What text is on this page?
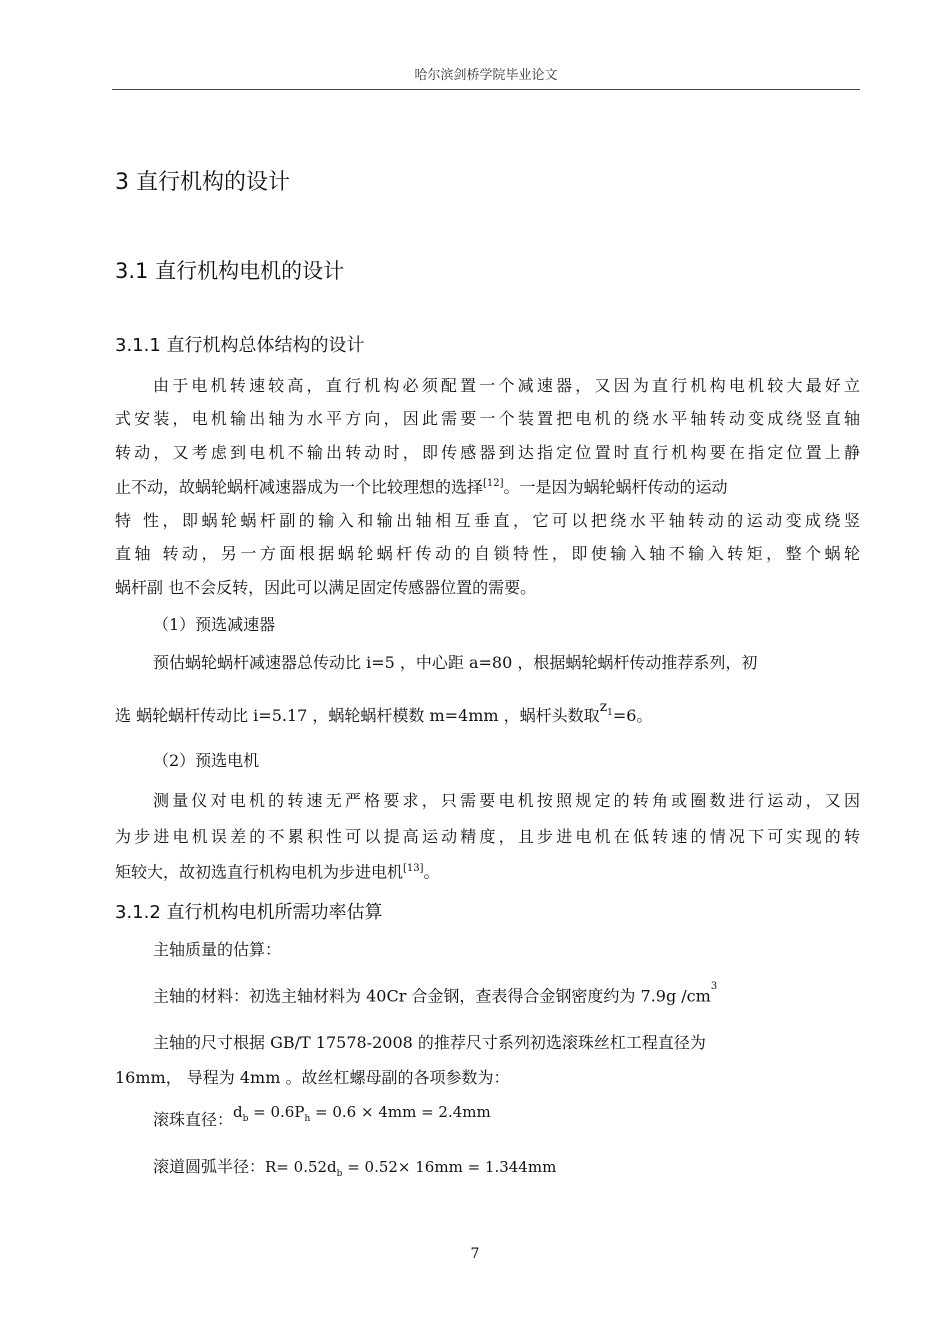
哈尔滨剑桥学院毕业论文
3 直行机构的设计
3.1 直行机构电机的设计
3.1.1 直行机构总体结构的设计
由于电机转速较高，直行机构必须配置一个减速器，又因为直行机构电机较大最好立
式安装，电机输出轴为水平方向，因此需要一个装置把电机的绕水平轴转动变成绕竖直轴
转动，又考虑到电机不输出转动时，即传感器到达指定位置时直行机构要在指定位置上静
止不动，故蜗轮蜗杆减速器成为一个比较理想的选择[12]。一是因为蜗轮蜗杆传动的运动
特 性，即蜗轮蜗杆副的输入和输出轴相互垂直，它可以把绕水平轴转动的运动变成绕竖
直轴 转动，另一方面根据蜗轮蜗杆传动的自锁特性，即使输入轴不输入转矩，整个蜗轮
蜗杆副 也不会反转，因此可以满足固定传感器位置的需要。
（1）预选减速器
预估蜗轮蜗杆减速器总传动比 i=5 ，中心距 a=80 ，根据蜗轮蜗杆传动推荐系列，初
选 蜗轮蜗杆传动比 i=5.17 ，蜗轮蜗杆模数 m=4mm ，蜗杆头数取$z^1=6$。
（2）预选电机
测量仪对电机的转速无严格要求，只需要电机按照规定的转角或圈数进行运动，又因
为步进电机误差的不累积性可以提高运动精度，且步进电机在低转速的情况下可实现的转
矩较大，故初选直行机构电机为步进电机[13]。
3.1.2 直行机构电机所需功率估算
主轴质量的估算：
主轴的材料：初选主轴材料为 40Cr 合金钢，查表得合金钢密度约为 7.9g $/cm^3$
主轴的尺寸根据 GB/T 17578-2008 的推荐尺寸系列初选滚珠丝杠工程直径为
16mm， 导程为 4mm 。故丝杠螺母副的各项参数为：
滚珠直径：$d_b = 0.6P_h = 0.6 \times 4mm = 2.4mm$
滚道圆弧半径：$R= 0.52d_b = 0.52\times 16mm = 1.344mm$
7
